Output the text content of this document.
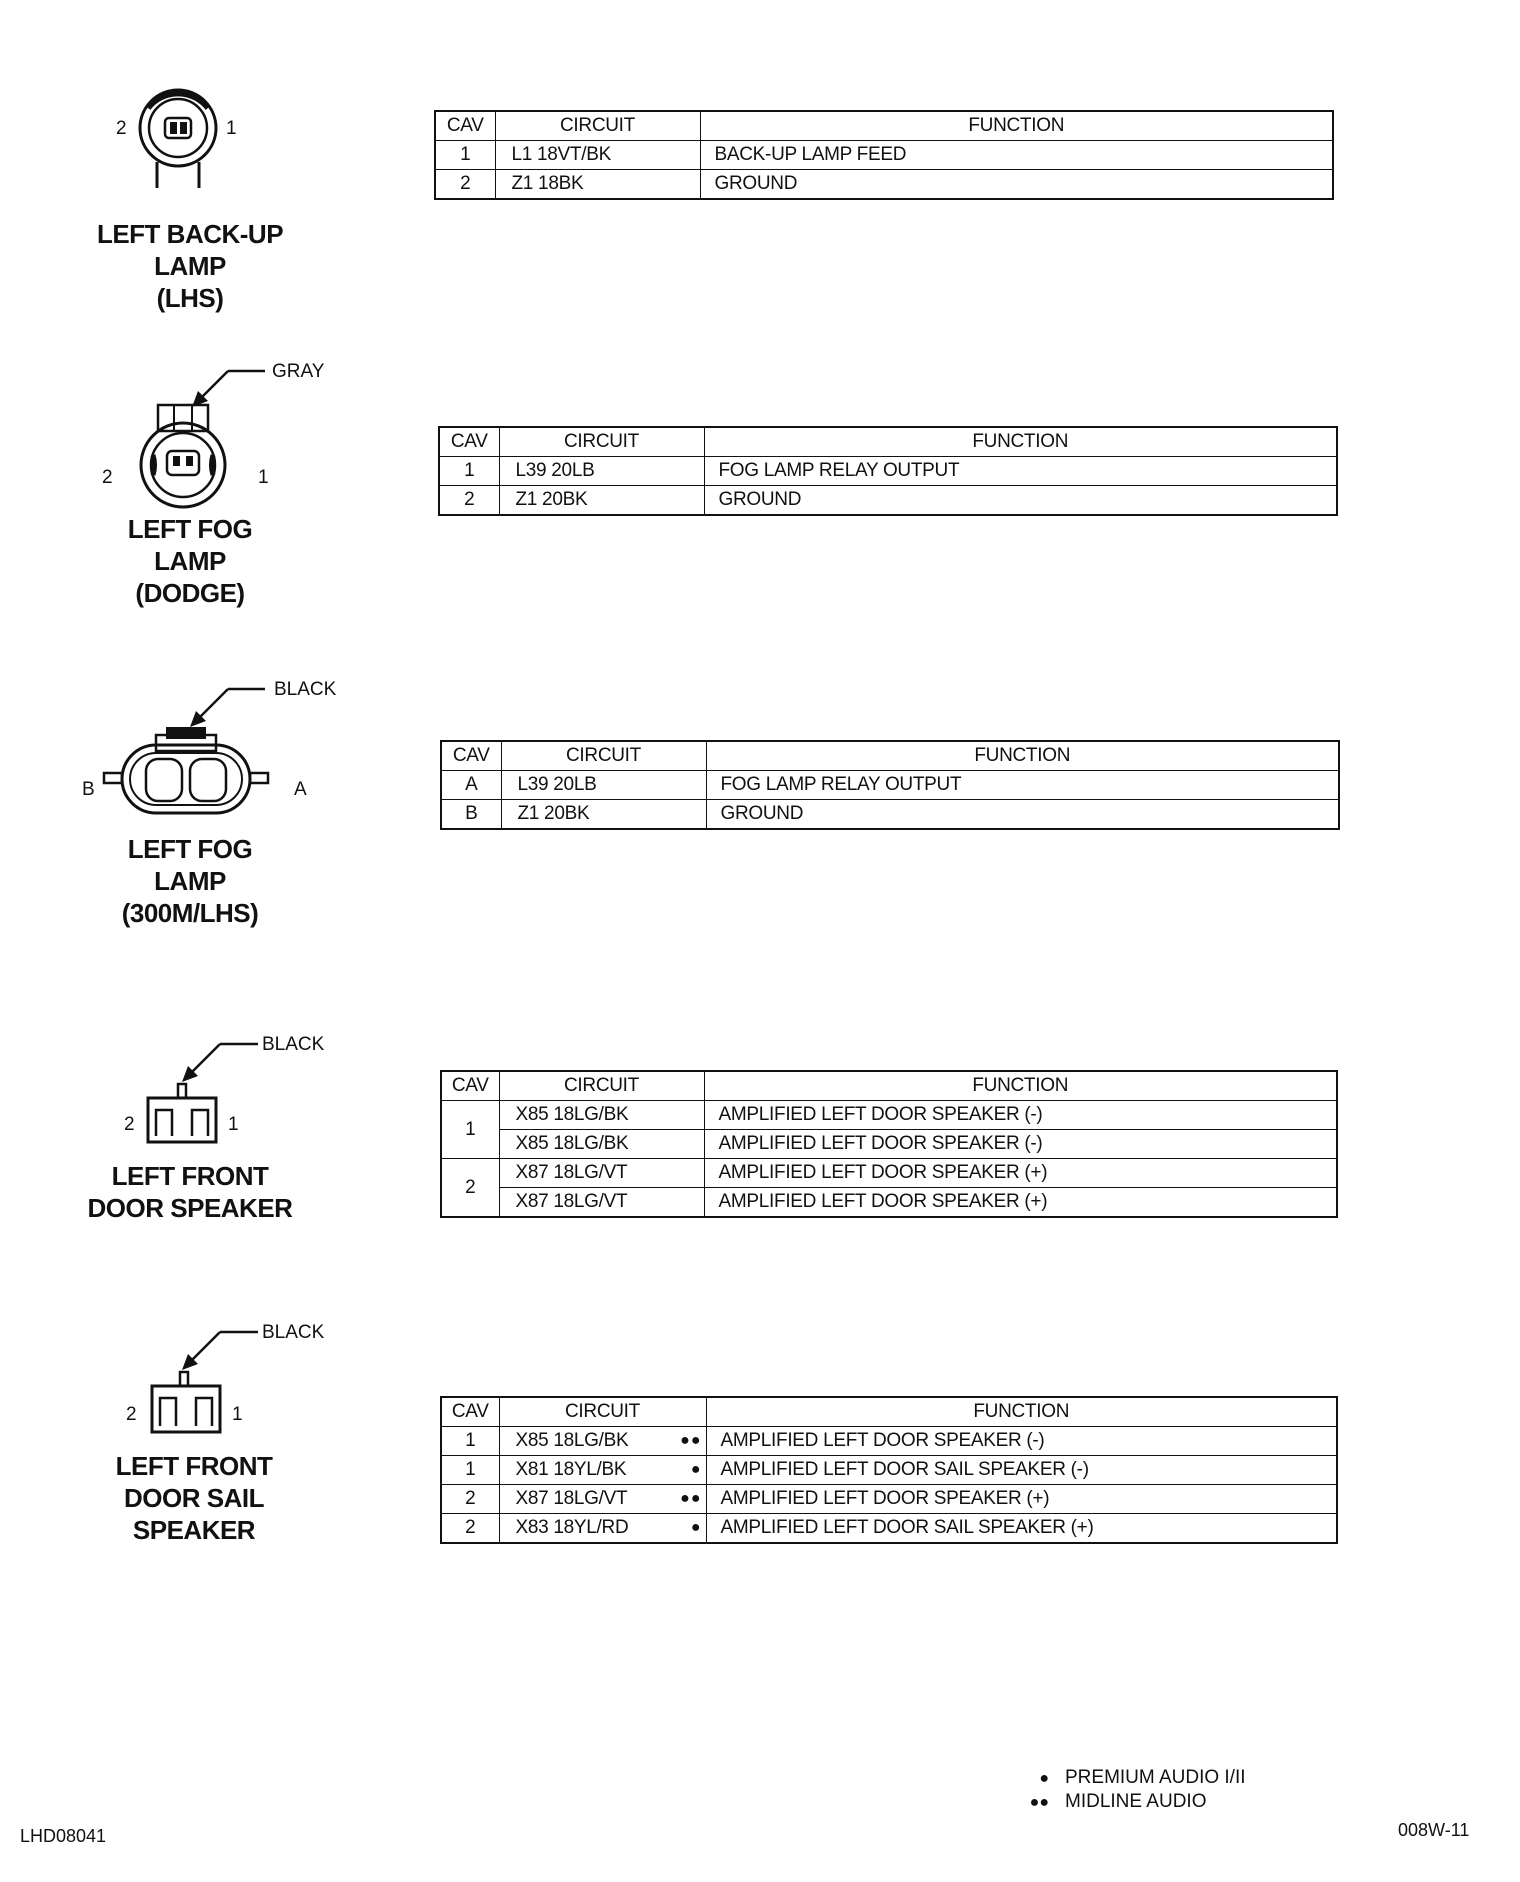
2	1
LEFT BACK-UP LAMP
(LHS)
CAV	CIRCUIT	FUNCTION
1	L1 18VT/BK	BACK-UP LAMP FEED
2	Z1 18BK	GROUND
GRAY
2	1
LEFT FOG
LAMP
(DODGE)
CAV	CIRCUIT	FUNCTION
1	L39 20LB	FOG LAMP RELAY OUTPUT
2	Z1 20BK	GROUND
BLACK
B	A
LEFT FOG
LAMP
(300M/LHS)
CAV	CIRCUIT	FUNCTION
A	L39 20LB	FOG LAMP RELAY OUTPUT
B	Z1 20BK	GROUND
BLACK
2	1
LEFT FRONT
DOOR SPEAKER
CAV	CIRCUIT	FUNCTION
1	X85 18LG/BK	AMPLIFIED LEFT DOOR SPEAKER (-)
	X85 18LG/BK	AMPLIFIED LEFT DOOR SPEAKER (-)
2	X87 18LG/VT	AMPLIFIED LEFT DOOR SPEAKER (+)
	X87 18LG/VT	AMPLIFIED LEFT DOOR SPEAKER (+)
BLACK
2	1
LEFT FRONT
DOOR SAIL
SPEAKER
CAV	CIRCUIT	FUNCTION
1	X85 18LG/BK ●●	AMPLIFIED LEFT DOOR SPEAKER (-)
1	X81 18YL/BK ●	AMPLIFIED LEFT DOOR SAIL SPEAKER (-)
2	X87 18LG/VT ●●	AMPLIFIED LEFT DOOR SPEAKER (+)
2	X83 18YL/RD ●	AMPLIFIED LEFT DOOR SAIL SPEAKER (+)
● PREMIUM AUDIO I/II
●● MIDLINE AUDIO
LHD08041	008W-11
